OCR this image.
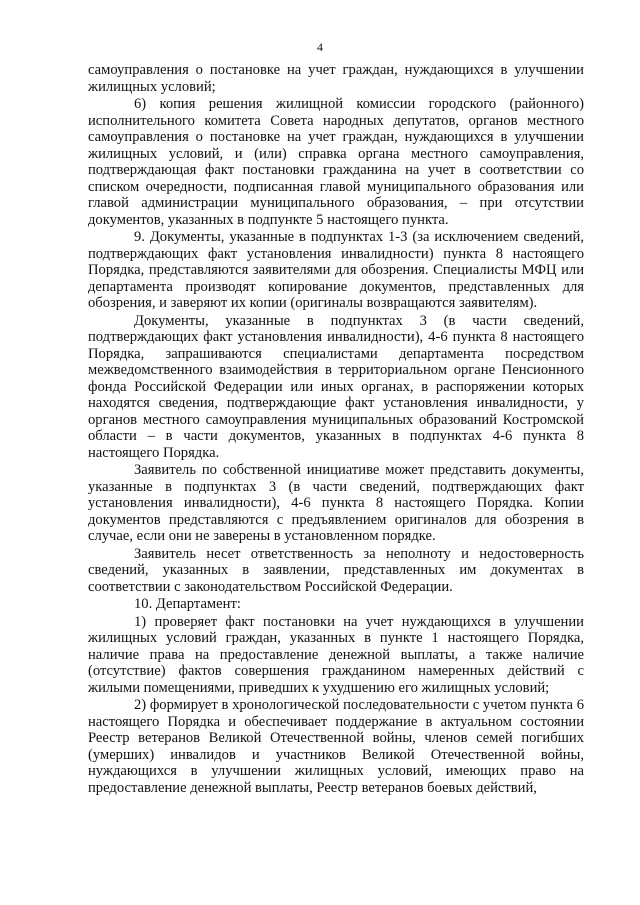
4

самоуправления о постановке на учет граждан, нуждающихся в улучшении жилищных условий;

6) копия решения жилищной комиссии городского (районного) исполнительного комитета Совета народных депутатов, органов местного самоуправления о постановке на учет граждан, нуждающихся в улучшении жилищных условий, и (или) справка органа местного самоуправления, подтверждающая факт постановки гражданина на учет в соответствии со списком очередности, подписанная главой муниципального образования или главой администрации муниципального образования, – при отсутствии документов, указанных в подпункте 5 настоящего пункта.

9. Документы, указанные в подпунктах 1-3 (за исключением сведений, подтверждающих факт установления инвалидности) пункта 8 настоящего Порядка, представляются заявителями для обозрения. Специалисты МФЦ или департамента производят копирование документов, представленных для обозрения, и заверяют их копии (оригиналы возвращаются заявителям).

Документы, указанные в подпунктах 3 (в части сведений, подтверждающих факт установления инвалидности), 4-6 пункта 8 настоящего Порядка, запрашиваются специалистами департамента посредством межведомственного взаимодействия в территориальном органе Пенсионного фонда Российской Федерации или иных органах, в распоряжении которых находятся сведения, подтверждающие факт установления инвалидности, у органов местного самоуправления муниципальных образований Костромской области – в части документов, указанных в подпунктах 4-6 пункта 8 настоящего Порядка.

Заявитель по собственной инициативе может представить документы, указанные в подпунктах 3 (в части сведений, подтверждающих факт установления инвалидности), 4-6 пункта 8 настоящего Порядка. Копии документов представляются с предъявлением оригиналов для обозрения в случае, если они не заверены в установленном порядке.

Заявитель несет ответственность за неполноту и недостоверность сведений, указанных в заявлении, представленных им документах в соответствии с законодательством Российской Федерации.

10. Департамент:

1) проверяет факт постановки на учет нуждающихся в улучшении жилищных условий граждан, указанных в пункте 1 настоящего Порядка, наличие права на предоставление денежной выплаты, а также наличие (отсутствие) фактов совершения гражданином намеренных действий с жилыми помещениями, приведших к ухудшению его жилищных условий;

2) формирует в хронологической последовательности с учетом пункта 6 настоящего Порядка и обеспечивает поддержание в актуальном состоянии Реестр ветеранов Великой Отечественной войны, членов семей погибших (умерших) инвалидов и участников Великой Отечественной войны, нуждающихся в улучшении жилищных условий, имеющих право на предоставление денежной выплаты, Реестр ветеранов боевых действий,
